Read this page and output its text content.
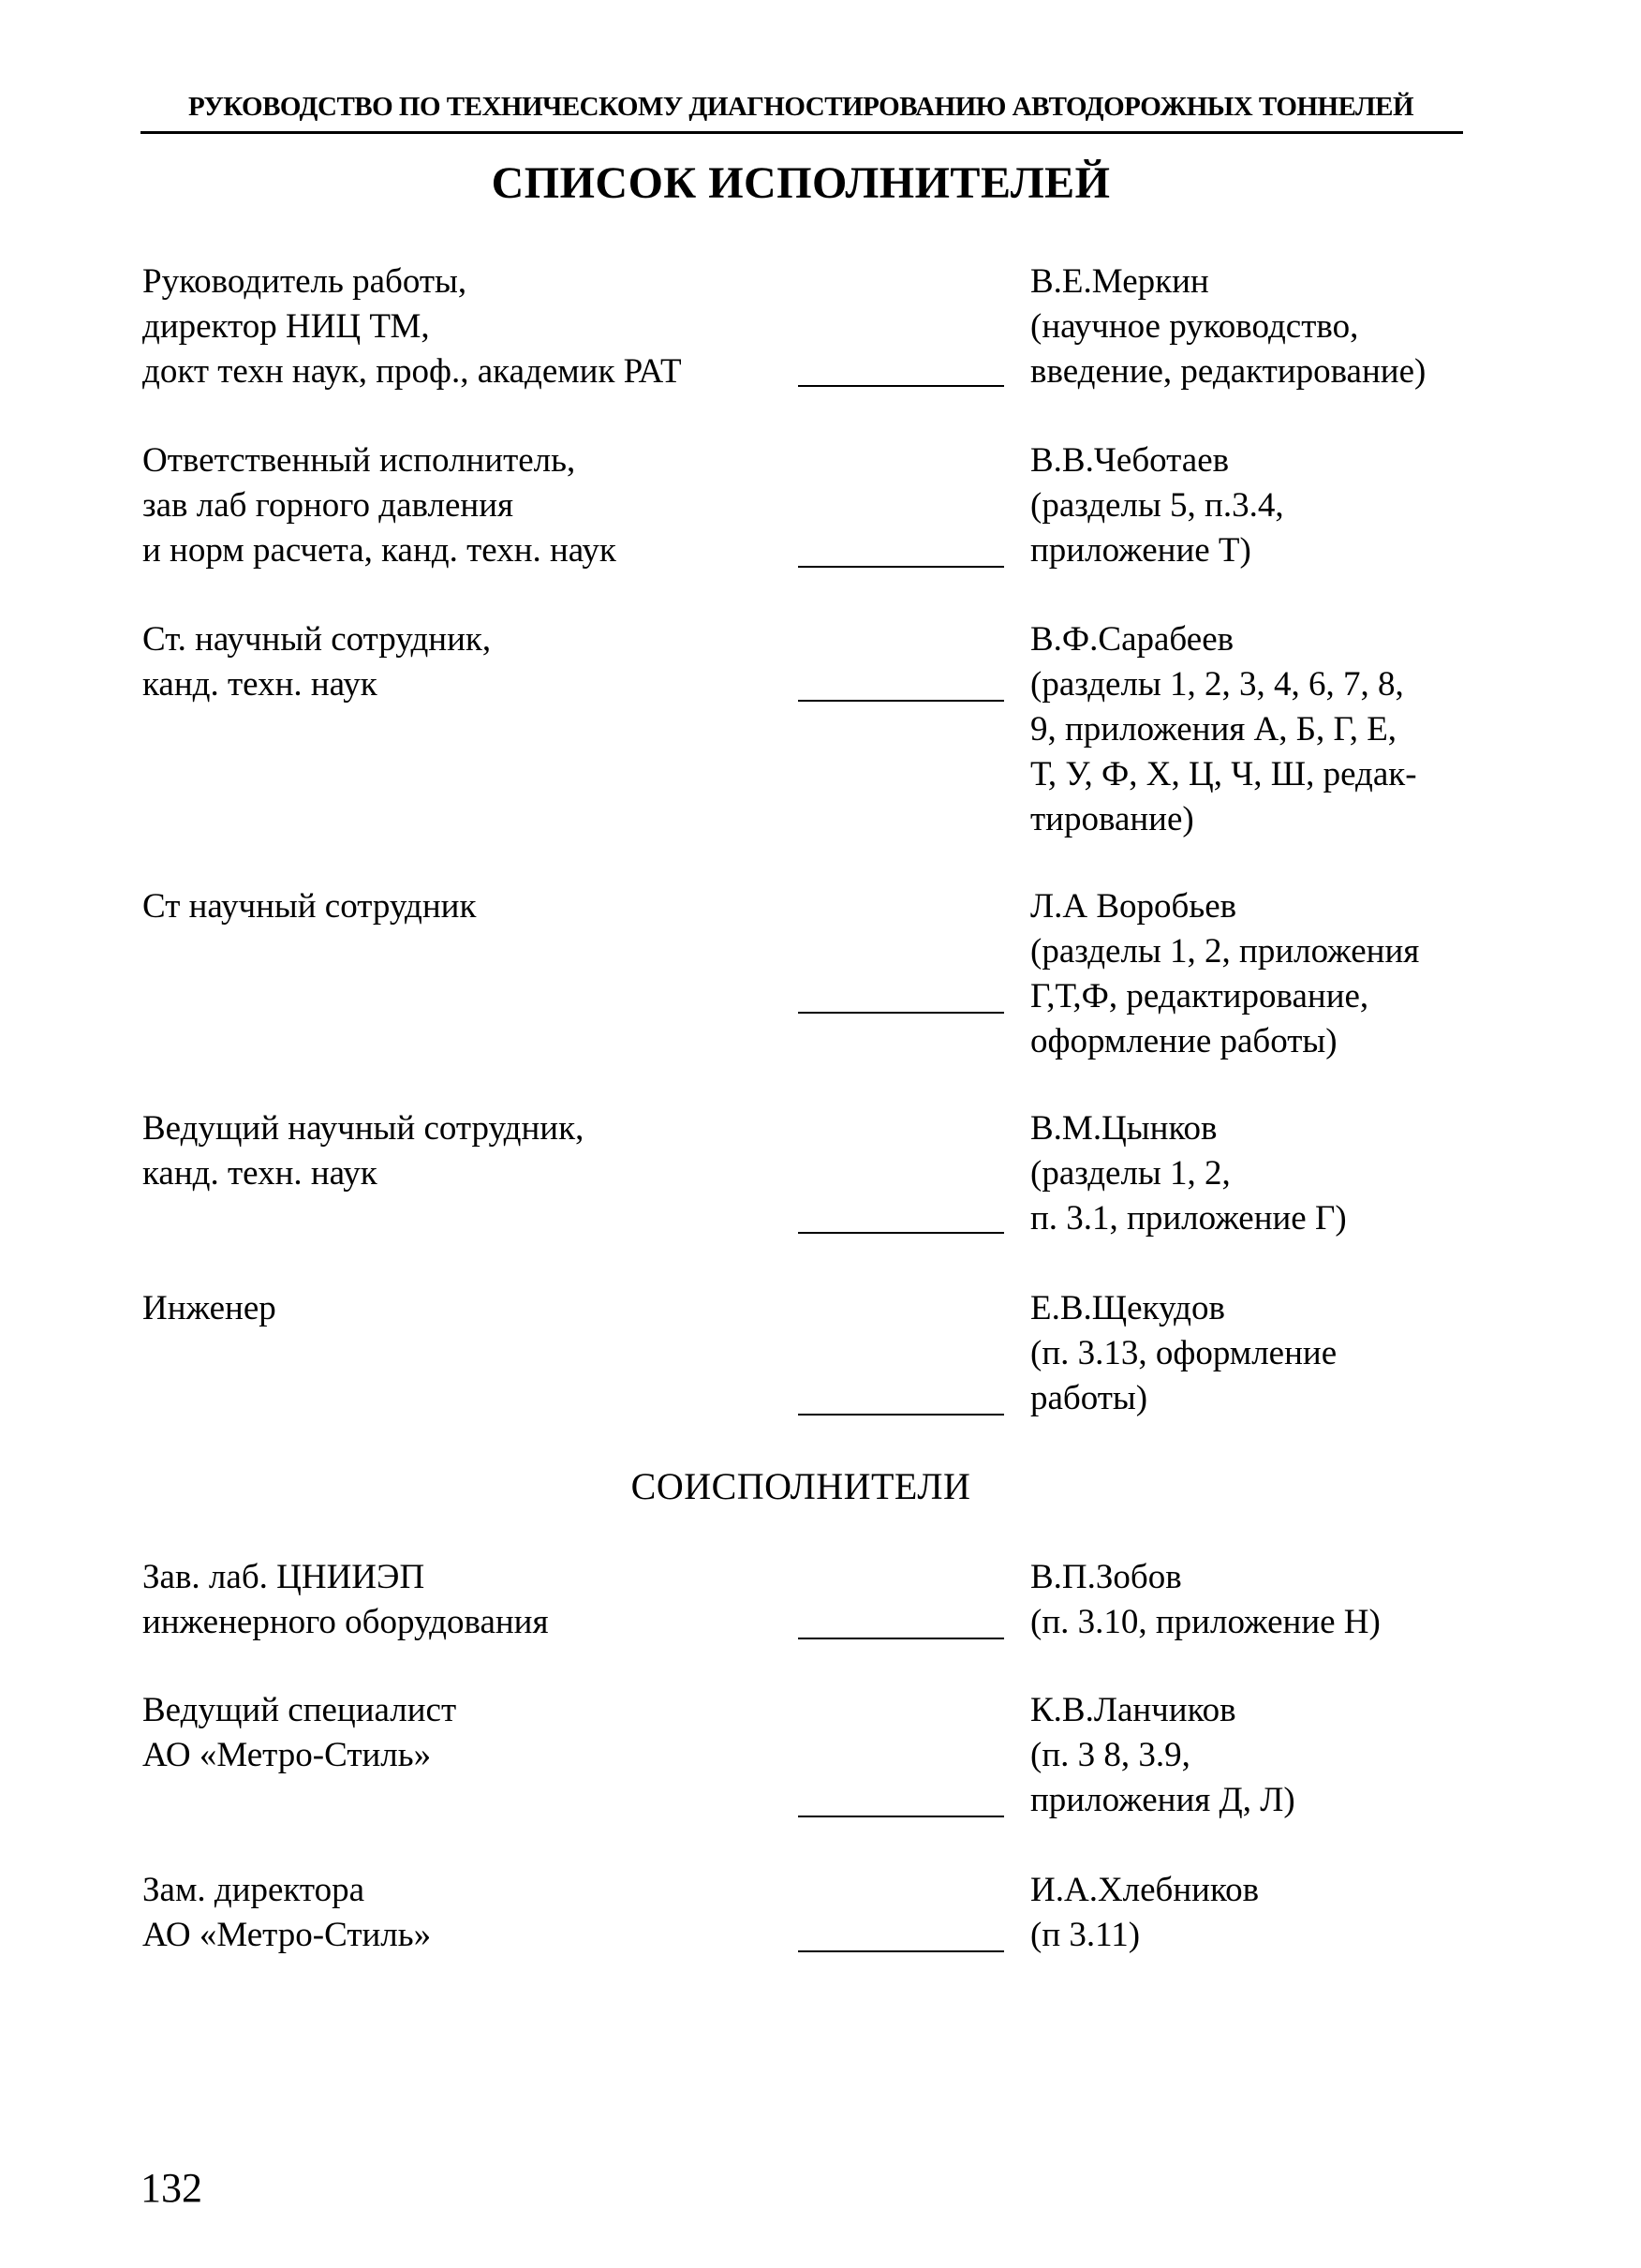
РУКОВОДСТВО ПО ТЕХНИЧЕСКОМУ ДИАГНОСТИРОВАНИЮ АВТОДОРОЖНЫХ ТОННЕЛЕЙ
СПИСОК ИСПОЛНИТЕЛЕЙ
Руководитель работы,
директор НИЦ ТМ,
докт техн наук, проф., академик РАТ
В.Е.Меркин
(научное руководство,
введение, редактирование)
Ответственный исполнитель,
зав лаб горного давления
и норм расчета, канд. техн. наук
В.В.Чеботаев
(разделы 5, п.3.4,
приложение Т)
Ст. научный сотрудник,
канд. техн. наук
В.Ф.Сарабеев
(разделы 1, 2, 3, 4, 6, 7, 8,
9, приложения А, Б, Г, Е,
Т, У, Ф, Х, Ц, Ч, Ш, редак-
тирование)
Ст научный сотрудник	Л.А Воробьев
(разделы 1, 2, приложения
Г,Т,Ф, редактирование,
оформление работы)
Ведущий научный сотрудник,
канд. техн. наук
В.М.Цынков
(разделы 1, 2,
п. 3.1, приложение Г)
Инженер	Е.В.Щекудов
(п. 3.13, оформление
работы)
СОИСПОЛНИТЕЛИ
Зав. лаб. ЦНИИЭП
инженерного оборудования
В.П.Зобов
(п. 3.10, приложение Н)
Ведущий специалист
АО «Метро-Стиль»
К.В.Ланчиков
(п. 3 8, 3.9,
приложения Д, Л)
Зам. директора
АО «Метро-Стиль»
И.А.Хлебников
(п 3.11)
132
